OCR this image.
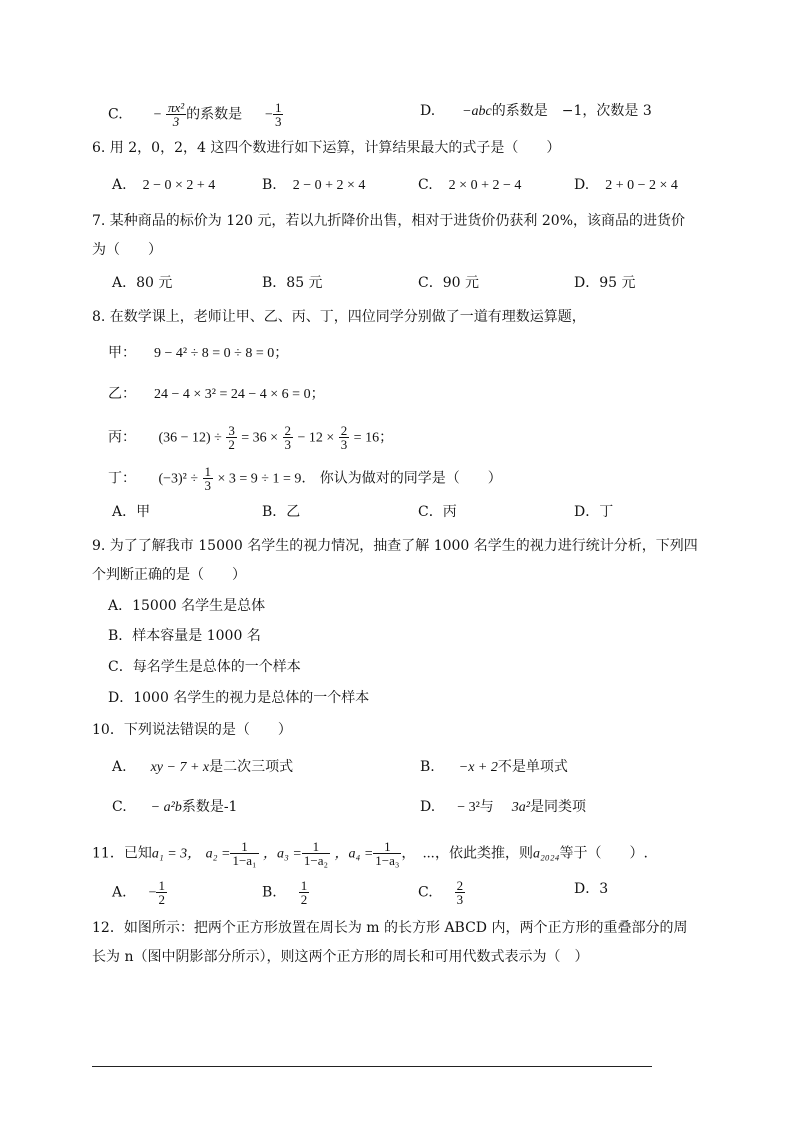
C. − $\frac{\text{πx²}}{3}$ 的系数是 − $\frac{1}{3}$	D. −abc的系数是　−1，次数是 3
6. 用 2，0，2，4 这四个数进行如下运算，计算结果最大的式子是（　　）
A. 2 − 0 × 2 + 4	B. 2 − 0 + 2 × 4	C. 2 × 0 + 2 − 4	D. 2 + 0 − 2 × 4
7. 某种商品的标价为 120 元，若以九折降价出售，相对于进货价仍获利 20%，该商品的进货价
为（　　）
A．80 元	B．85 元	C．90 元	D．95 元
8. 在数学课上，老师让甲、乙、丙、丁，四位同学分别做了一道有理数运算题，
甲： 9 − 4² ÷ 8 = 0 ÷ 8 = 0；
乙： 24 − 4 × 3² = 24 − 4 × 6 = 0；
丙： $(36 - 12) \div \frac{3}{2} = 36 \times \frac{2}{3} - 12 \times \frac{2}{3} = 16$；
丁： $(-3)^2 \div \frac{1}{3} \times 3 = 9 \div 1 = 9$.　你认为做对的同学是（　　）
A．甲	B．乙	C．丙	D．丁
9. 为了了解我市 15000 名学生的视力情况，抽查了解 1000 名学生的视力进行统计分析，下列四
个判断正确的是（　　）
A．15000 名学生是总体
B．样本容量是 1000 名
C．每名学生是总体的一个样本
D．1000 名学生的视力是总体的一个样本
10．下列说法错误的是（　　）
A. xy − 7 + x是二次三项式	B. −x + 2不是单项式
C. − a²b系数是-1	D. − 3²与 3a²是同类项
11．已知a₁ = 3， $a_2 = \frac{1}{\text{1−a₁}}$ ，$a_3 = \frac{1}{\text{1−a₂}}$ ，$a_4 = \frac{1}{\text{1−a₃}}$ ，　⋯，依此类推，则a₂₀₂₄等于（　　）.
A. − $\frac{1}{2}$	B. $\frac{1}{2}$	C. $\frac{2}{3}$	D．3
12．如图所示：把两个正方形放置在周长为 m 的长方形 ABCD 内，两个正方形的重叠部分的周
长为 n（图中阴影部分所示），则这两个正方形的周长和可用代数式表示为（　）
